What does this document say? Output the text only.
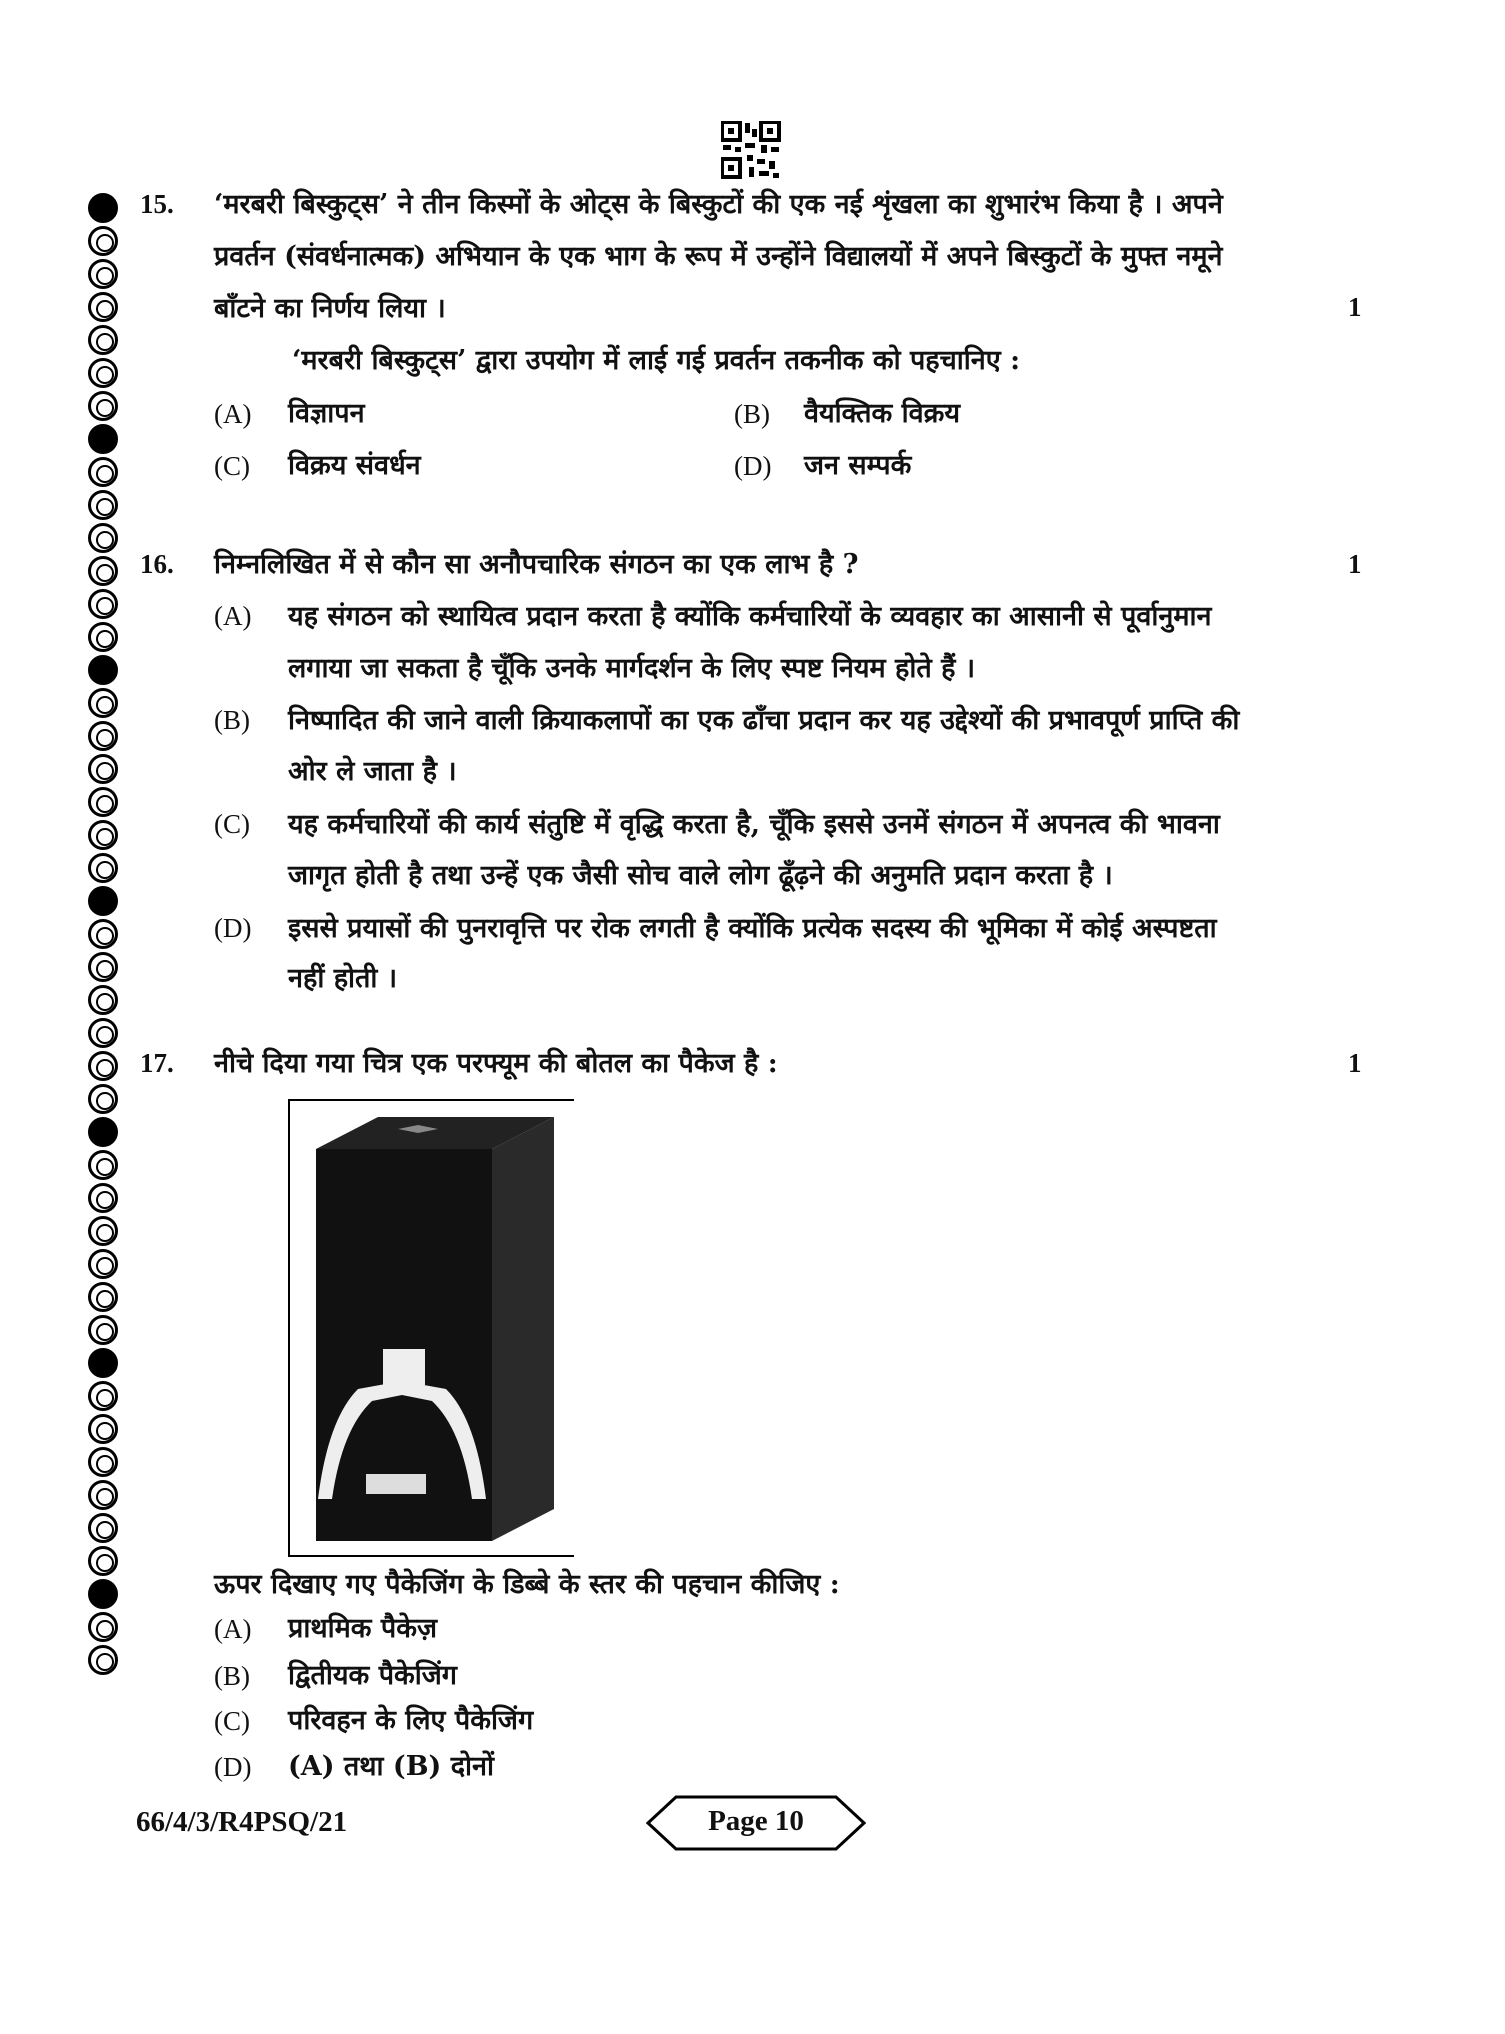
15. ‘मरबरी बिस्कुट्स’ ने तीन किस्मों के ओट्स के बिस्कुटों की एक नई शृंखला का शुभारंभ किया है । अपने
प्रवर्तन (संवर्धनात्मक) अभियान के एक भाग के रूप में उन्होंने विद्यालयों में अपने बिस्कुटों के मुफ्त नमूने
बाँटने का निर्णय लिया ।	1
‘मरबरी बिस्कुट्स’ द्वारा उपयोग में लाई गई प्रवर्तन तकनीक को पहचानिए :
(A) विज्ञापन	(B) वैयक्तिक विक्रय
(C) विक्रय संवर्धन	(D) जन सम्पर्क
16. निम्नलिखित में से कौन सा अनौपचारिक संगठन का एक लाभ है ?	1
(A) यह संगठन को स्थायित्व प्रदान करता है क्योंकि कर्मचारियों के व्यवहार का आसानी से पूर्वानुमान
लगाया जा सकता है चूँकि उनके मार्गदर्शन के लिए स्पष्ट नियम होते हैं ।
(B) निष्पादित की जाने वाली क्रियाकलापों का एक ढाँचा प्रदान कर यह उद्देश्यों की प्रभावपूर्ण प्राप्ति की
ओर ले जाता है ।
(C) यह कर्मचारियों की कार्य संतुष्टि में वृद्धि करता है, चूँकि इससे उनमें संगठन में अपनत्व की भावना
जागृत होती है तथा उन्हें एक जैसी सोच वाले लोग ढूँढ़ने की अनुमति प्रदान करता है ।
(D) इससे प्रयासों की पुनरावृत्ति पर रोक लगती है क्योंकि प्रत्येक सदस्य की भूमिका में कोई अस्पष्टता
नहीं होती ।
17. नीचे दिया गया चित्र एक परफ्यूम की बोतल का पैकेज है :	1
ऊपर दिखाए गए पैकेजिंग के डिब्बे के स्तर की पहचान कीजिए :
(A) प्राथमिक पैकेज़
(B) द्वितीयक पैकेजिंग
(C) परिवहन के लिए पैकेजिंग
(D) (A) तथा (B) दोनों
66/4/3/R4PSQ/21	Page 10
